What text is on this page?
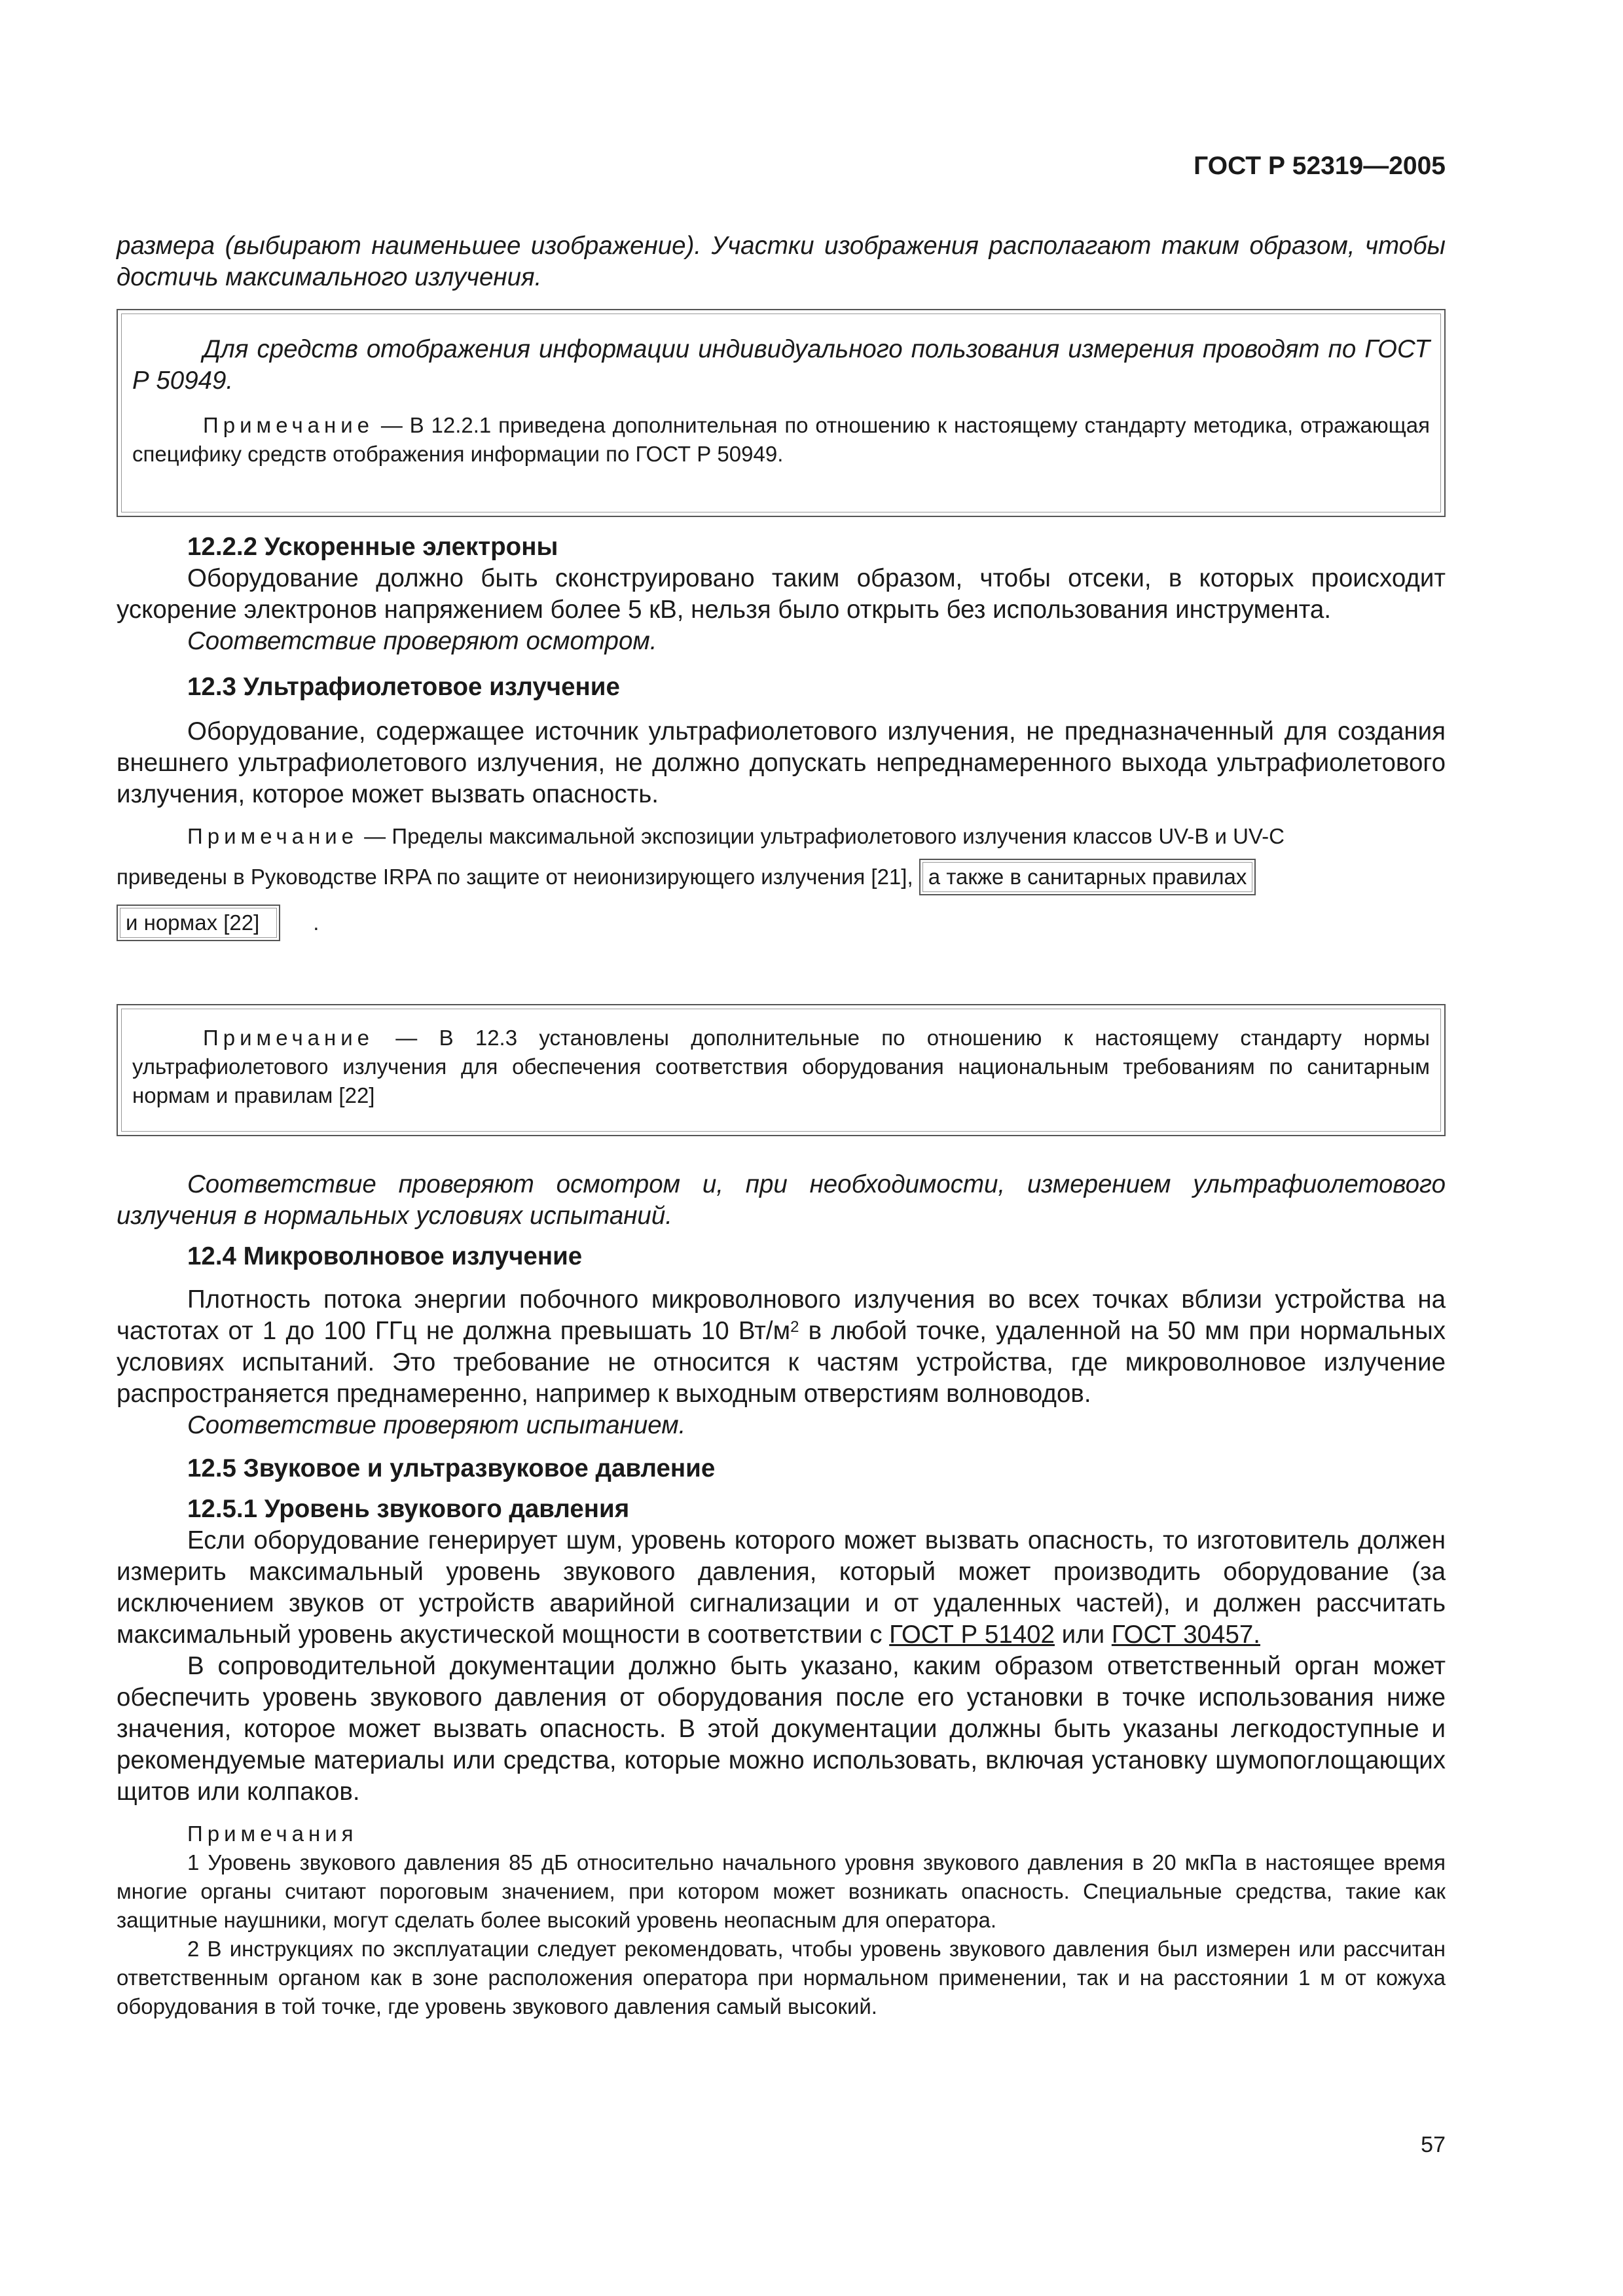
ГОСТ Р 52319—2005

размера (выбирают наименьшее изображение). Участки изображения располагают таким образом, чтобы достичь максимального излучения.

Для средств отображения информации индивидуального пользования измерения проводят по ГОСТ Р 50949.

Примечание — В 12.2.1 приведена дополнительная по отношению к настоящему стандарту методика, отражающая специфику средств отображения информации по ГОСТ Р 50949.

12.2.2 Ускоренные электроны

Оборудование должно быть сконструировано таким образом, чтобы отсеки, в которых происходит ускорение электронов напряжением более 5 кВ, нельзя было открыть без использования инструмента.

Соответствие проверяют осмотром.

12.3 Ультрафиолетовое излучение

Оборудование, содержащее источник ультрафиолетового излучения, не предназначенный для создания внешнего ультрафиолетового излучения, не должно допускать непреднамеренного выхода ультрафиолетового излучения, которое может вызвать опасность.

Примечание — Пределы максимальной экспозиции ультрафиолетового излучения классов UV-B и UV-C

приведены в Руководстве IRPA по защите от неионизирующего излучения [21], а также в санитарных правилах

и нормах [22] .

Примечание — В 12.3 установлены дополнительные по отношению к настоящему стандарту нормы ультрафиолетового излучения для обеспечения соответствия оборудования национальным требованиям по санитарным нормам и правилам [22]

Соответствие проверяют осмотром и, при необходимости, измерением ультрафиолетового излучения в нормальных условиях испытаний.

12.4 Микроволновое излучение

Плотность потока энергии побочного микроволнового излучения во всех точках вблизи устройства на частотах от 1 до 100 ГГц не должна превышать 10 $Вт/м^2$ в любой точке, удаленной на 50 мм при нормальных условиях испытаний. Это требование не относится к частям устройства, где микроволновое излучение распространяется преднамеренно, например к выходным отверстиям волноводов.

Соответствие проверяют испытанием.

12.5 Звуковое и ультразвуковое давление

12.5.1 Уровень звукового давления

Если оборудование генерирует шум, уровень которого может вызвать опасность, то изготовитель должен измерить максимальный уровень звукового давления, который может производить оборудование (за исключением звуков от устройств аварийной сигнализации и от удаленных частей), и должен рассчитать максимальный уровень акустической мощности в соответствии с ГОСТ Р 51402 или ГОСТ 30457.

В сопроводительной документации должно быть указано, каким образом ответственный орган может обеспечить уровень звукового давления от оборудования после его установки в точке использования ниже значения, которое может вызвать опасность. В этой документации должны быть указаны легкодоступные и рекомендуемые материалы или средства, которые можно использовать, включая установку шумопоглощающих щитов или колпаков.

Примечания

1 Уровень звукового давления 85 дБ относительно начального уровня звукового давления в 20 мкПа в настоящее время многие органы считают пороговым значением, при котором может возникать опасность. Специальные средства, такие как защитные наушники, могут сделать более высокий уровень неопасным для оператора.

2 В инструкциях по эксплуатации следует рекомендовать, чтобы уровень звукового давления был измерен или рассчитан ответственным органом как в зоне расположения оператора при нормальном применении, так и на расстоянии 1 м от кожуха оборудования в той точке, где уровень звукового давления самый высокий.

57
